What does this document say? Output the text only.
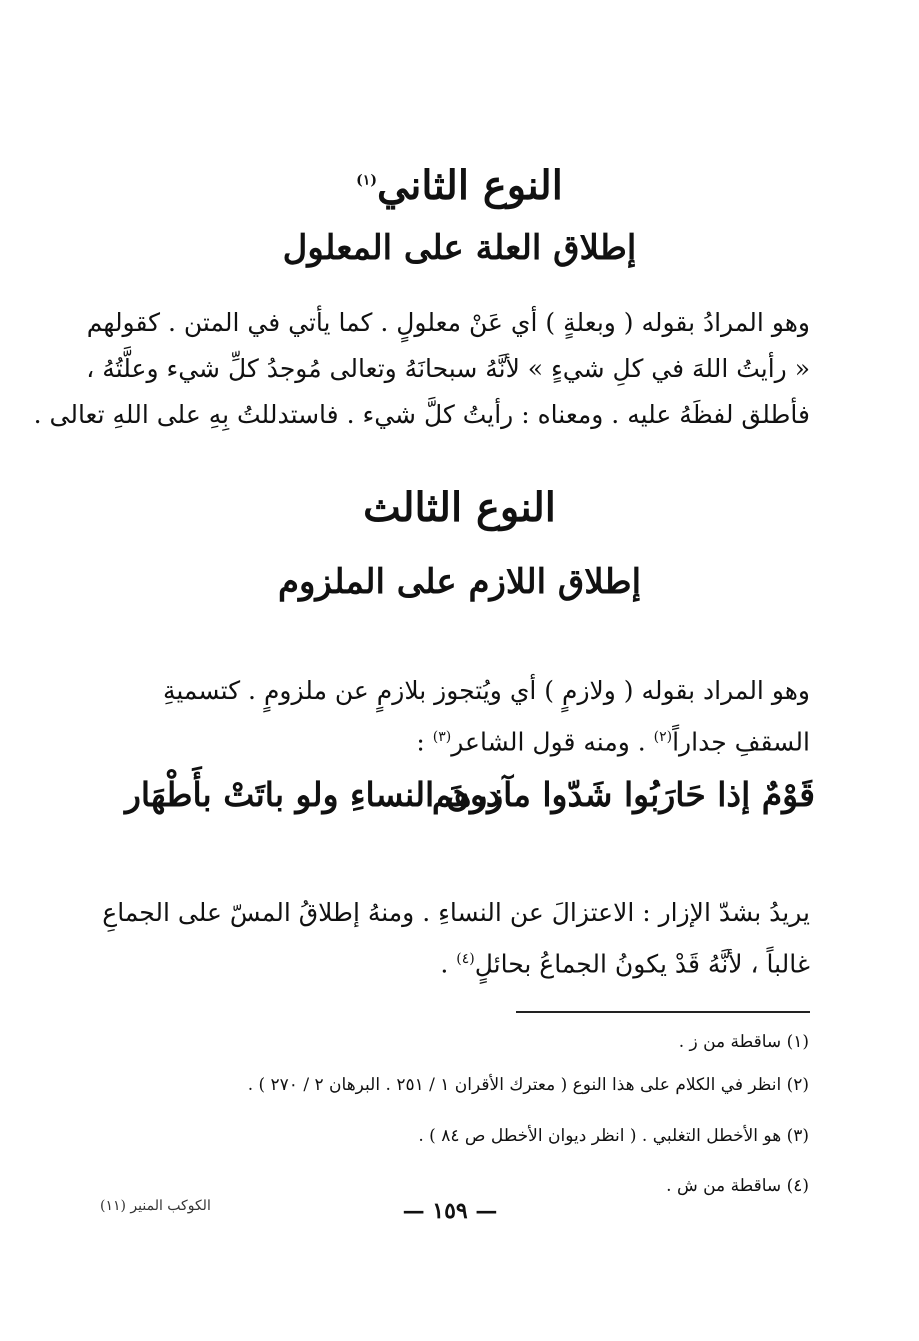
النوع الثاني$^{(١)}$
إطلاق العلة على المعلول
وهو المرادُ بقوله ( وبعلةٍ ) أي عَنْ معلولٍ . كما يأتي في المتن . كقولهم
« رأيتُ اللهَ في كلِ شيءٍ » لأنَّهُ سبحانَهُ وتعالى مُوجدُ كلِّ شيء وعلَّتُهُ ،
فأطلق لفظَهُ عليه . ومعناه : رأيتُ كلَّ شيء . فاستدللتُ بِهِ على اللهِ تعالى .
النوع الثالث
إطلاق اللازم على الملزوم
وهو المراد بقوله ( ولازمٍ ) أي ويُتجوز بلازمٍ عن ملزومٍ . كتسميةِ
السقفِ جداراً$^{(٢)}$ . ومنه قول الشاعر$^{(٣)}$ :
قَوْمٌ إذا حَارَبُوا شَدّوا مآزرهم
دونَ النساءِ ولو باتَتْ بأَطْهَار
يريدُ بشدّ الإزار : الاعتزالَ عن النساءِ . ومنهُ إطلاقُ المسّ على الجماعِ
غالباً ، لأنَّهُ قَدْ يكونُ الجماعُ بحائلٍ$^{(٤)}$ .
(١) ساقطة من ز .
(٢) انظر في الكلام على هذا النوع ( معترك الأقران ١ / ٢٥١ . البرهان ٢ / ٢٧٠ ) .
(٣) هو الأخطل التغلبي . ( انظر ديوان الأخطل ص ٨٤ ) .
(٤) ساقطة من ش .
— ١٥٩ —
الكوكب المنير (١١)
